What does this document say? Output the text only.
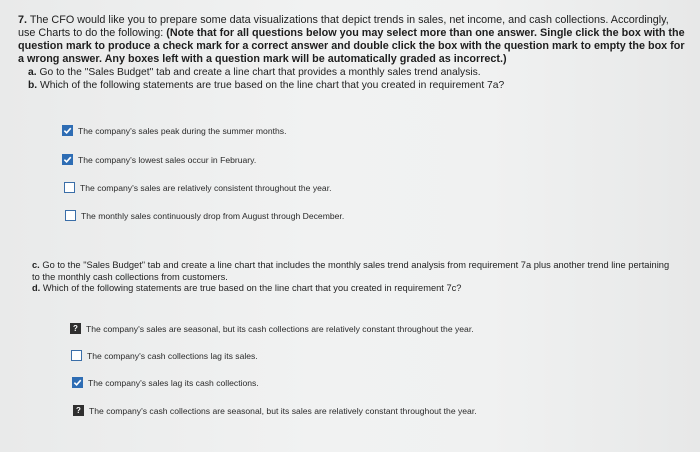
7. The CFO would like you to prepare some data visualizations that depict trends in sales, net income, and cash collections. Accordingly, use Charts to do the following: (Note that for all questions below you may select more than one answer. Single click the box with the question mark to produce a check mark for a correct answer and double click the box with the question mark to empty the box for a wrong answer. Any boxes left with a question mark will be automatically graded as incorrect.)
a. Go to the "Sales Budget" tab and create a line chart that provides a monthly sales trend analysis.
b. Which of the following statements are true based on the line chart that you created in requirement 7a?
The company's sales peak during the summer months.
The company's lowest sales occur in February.
The company's sales are relatively consistent throughout the year.
The monthly sales continuously drop from August through December.
c. Go to the "Sales Budget" tab and create a line chart that includes the monthly sales trend analysis from requirement 7a plus another trend line pertaining to the monthly cash collections from customers.
d. Which of the following statements are true based on the line chart that you created in requirement 7c?
? The company's sales are seasonal, but its cash collections are relatively constant throughout the year.
The company's cash collections lag its sales.
The company's sales lag its cash collections.
? The company's cash collections are seasonal, but its sales are relatively constant throughout the year.
